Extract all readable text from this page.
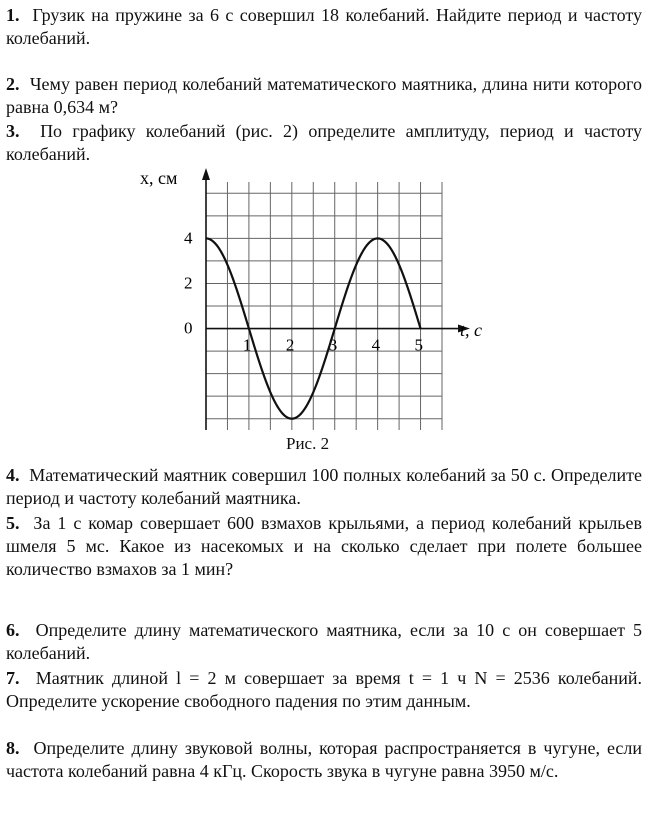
1. Грузик на пружине за 6 с совершил 18 колебаний. Найдите период и частоту колебаний.

2. Чему равен период колебаний математического маятника, длина нити которого равна 0,634 м?

3. По графику колебаний (рис. 2) определите амплитуду, период и частоту колебаний.

1 2 3 4 5
0
2
4
x, см
t, c
Рис. 2

4. Математический маятник совершил 100 полных колебаний за 50 с. Определите период и частоту колебаний маятника.

5. За 1 с комар совершает 600 взмахов крыльями, а период колебаний крыльев шмеля 5 мс. Какое из насекомых и на сколько сделает при полете большее количество взмахов за 1 мин?

6. Определите длину математического маятника, если за 10 с он совершает 5 колебаний.

7. Маятник длиной l = 2 м совершает за время t = 1 ч N = 2536 колебаний. Определите ускорение свободного падения по этим данным.

8. Определите длину звуковой волны, которая распространяется в чугуне, если частота колебаний равна 4 кГц. Скорость звука в чугуне равна 3950 м/с.
